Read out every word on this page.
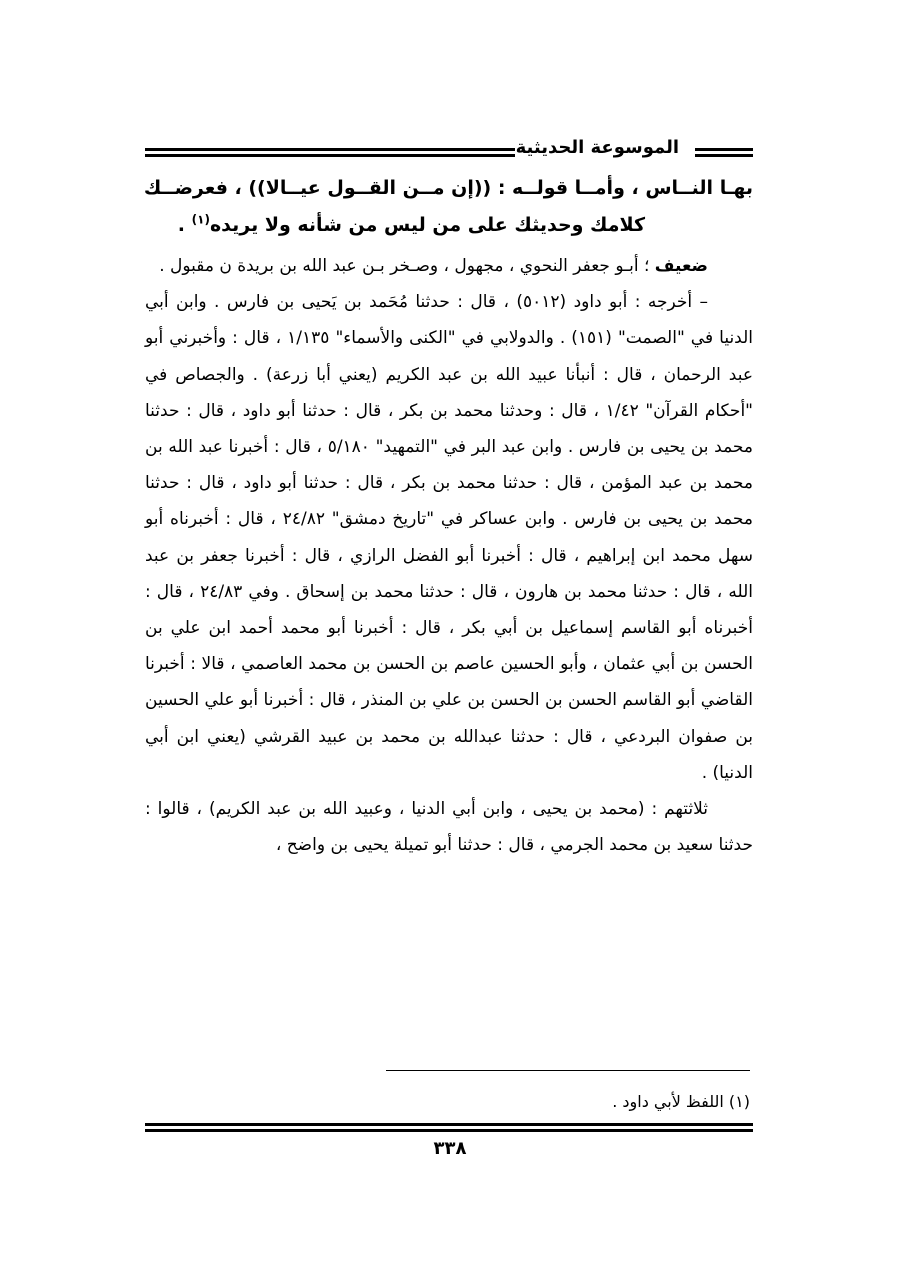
الموسوعة الحديثية
بهـا النــاس ، وأمــا قولــه : ((إن مــن القــول عيــالا)) ، فعرضــك
كلامك وحديثك على من ليس من شأنه ولا يريده$^{(١)}$ .

ضعيف ؛ أبـو جعفر النحوي ، مجهول ، وصـخر بـن عبد الله بن بريدة ن مقبول .

– أخرجه : أبو داود (٥٠١٢) ، قال : حدثنا مُحَمد بن يَحيى بن فارس . وابن أبي الدنيا في "الصمت" (١٥١) . والدولابي في "الكنى والأسماء" ١/١٣٥ ، قال : وأخبرني أبو عبد الرحمان ، قال : أنبأنا عبيد الله بن عبد الكريم (يعني أبا زرعة) . والجصاص في "أحكام القرآن" ١/٤٢ ، قال : وحدثنا محمد بن بكر ، قال : حدثنا أبو داود ، قال : حدثنا محمد بن يحيى بن فارس . وابن عبد البر في "التمهيد" ٥/١٨٠ ، قال : أخبرنا عبد الله بن محمد بن عبد المؤمن ، قال : حدثنا محمد بن بكر ، قال : حدثنا أبو داود ، قال : حدثنا محمد بن يحيى بن فارس . وابن عساكر في "تاريخ دمشق" ٢٤/٨٢ ، قال : أخبرناه أبو سهل محمد ابن إبراهيم ، قال : أخبرنا أبو الفضل الرازي ، قال : أخبرنا جعفر بن عبد الله ، قال : حدثنا محمد بن هارون ، قال : حدثنا محمد بن إسحاق . وفي ٢٤/٨٣ ، قال : أخبرناه أبو القاسم إسماعيل بن أبي بكر ، قال : أخبرنا أبو محمد أحمد ابن علي بن الحسن بن أبي عثمان ، وأبو الحسين عاصم بن الحسن بن محمد العاصمي ، قالا : أخبرنا القاضي أبو القاسم الحسن بن الحسن بن علي بن المنذر ، قال : أخبرنا أبو علي الحسين بن صفوان البردعي ، قال : حدثنا عبدالله بن محمد بن عبيد القرشي (يعني ابن أبي الدنيا) .

ثلاثتهم : (محمد بن يحيى ، وابن أبي الدنيا ، وعبيد الله بن عبد الكريم) ، قالوا : حدثنا سعيد بن محمد الجرمي ، قال : حدثنا أبو تميلة يحيى بن واضح ،

(١) اللفظ لأبي داود .
٣٣٨
